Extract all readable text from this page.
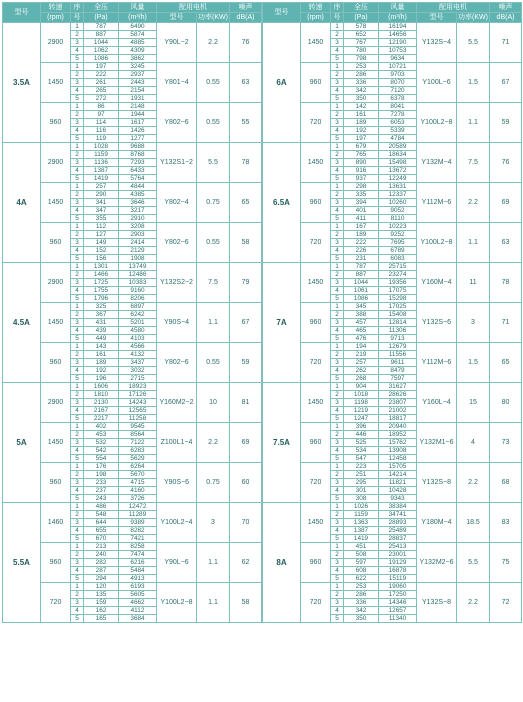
型号	转速	序	全压	风量	配用电机		噪声
	(rpm)	号	(Pa)	(m³/h)	型号	功率(KW)	dB(A)
3.5A	2900	1	787	6490	Y90L−2	2.2	76
		2	887	5874			
		3	1044	4885			
		4	1062	4309			
		5	1086	3862			
	1450	1	197	3245	Y801−4	0.55	63
		2	222	2937			
		3	261	2443			
		4	265	2154			
		5	272	1931			
	960	1	86	2148	Y802−6	0.55	55
		2	97	1944			
		3	114	1617			
		4	116	1426			
		5	119	1277			
4A	2900	1	1028	9688	Y132S1−2	5.5	78
		2	1159	8768			
		3	1136	7293			
		4	1387	6433			
		5	1419	5764			
	1450	1	257	4844	Y802−4	0.75	65
		2	290	4385			
		3	341	3646			
		4	347	3217			
		5	355	2910			
	960	1	112	3208	Y802−6	0.55	58
		2	127	2903			
		3	149	2414			
		4	152	2129			
		5	156	1908			
4.5A	2900	1	1301	13749	Y132S2−2	7.5	79
		2	1466	12486			
		3	1725	10383			
		4	1755	9160			
		5	1796	8206			
	1450	1	325	6897	Y90S−4	1.1	67
		2	367	6242			
		3	431	5201			
		4	439	4580			
		5	449	4103			
	960	1	143	4566	Y802−6	0.55	59
		2	161	4132			
		3	189	3437			
		4	192	3032			
		5	196	2715			
5A	2900	1	1606	18923	Y160M2−2	10	81
		2	1810	17126			
		3	2130	14243			
		4	2167	12565			
		5	2217	11258			
	1450	1	402	9545	Z100L1−4	2.2	69
		2	453	8564			
		3	532	7122			
		4	542	6283			
		5	554	5629			
	960	1	176	6264	Y90S−6	0.75	60
		2	198	5670			
		3	233	4715			
		4	237	4160			
		5	243	3726			
5.5A	1460	1	486	12472	Y100L2−4	3	70
		2	548	11289			
		3	644	9389			
		4	655	8282			
		5	670	7421			
	960	1	213	8258	Y90L−6	1.1	62
		2	240	7474			
		3	282	6216			
		4	287	5484			
		5	294	4913			
	720	1	120	6193	Y100L2−8	1.1	58
		2	135	5605			
		3	159	4662			
		4	162	4112			
		5	165	3684			
型号	转速	序	全压	风量	配用电机		噪声
	(rpm)	号	(Pa)	(m³/h)	型号	功率(KW)	dB(A)
6A	1450	1	578	16194	Y132S−4	5.5	71
		2	652	14656			
		3	767	12190			
		4	780	10753			
		5	798	9634			
	960	1	253	10721	Y100L−6	1.5	67
		2	286	9703			
		3	336	8070			
		4	342	7120			
		5	350	6378			
	720	1	142	8041	Y100L2−8	1.1	59
		2	161	7278			
		3	189	6053			
		4	192	5339			
		5	197	4784			
6.5A	1450	1	679	20589	Y132M−4	7.5	76
		2	765	18634			
		3	890	15498			
		4	916	13672			
		5	937	12249			
	960	1	298	13631	Y112M−6	2.2	69
		2	335	12337			
		3	394	10260			
		4	401	9052			
		5	411	8110			
	720	1	167	10223	Y100L2−8	1.1	63
		2	189	9252			
		3	222	7695			
		4	226	6789			
		5	231	6083			
7A	1450	1	787	25715	Y160M−4	11	78
		2	887	23274			
		3	1044	19356			
		4	1061	17075			
		5	1086	15298			
	960	1	345	17025	Y132S−6	3	71
		2	388	15408			
		3	457	12814			
		4	465	11306			
		5	476	9713			
	720	1	194	12679	Y112M−6	1.5	65
		2	219	11556			
		3	257	9611			
		4	262	8479			
		5	268	7597			
7.5A	1450	1	904	31627	Y160L−4	15	80
		2	1018	28626			
		3	1198	23807			
		4	1219	21002			
		5	1247	18817			
	960	1	396	20940	Y132M1−6	4	73
		2	446	18952			
		3	525	15762			
		4	534	13908			
		5	547	12458			
	720	1	223	15705	Y132S−8	2.2	68
		2	251	14214			
		3	295	11821			
		4	301	10428			
		5	308	9343			
8A	1450	1	1026	38384	Y180M−4	18.5	83
		2	1159	34741			
		3	1363	28893			
		4	1387	25489			
		5	1419	28837			
	960	1	451	25413	Y132M2−6	5.5	75
		2	508	23001			
		3	597	19129			
		4	608	16878			
		5	622	15119			
	720	1	253	19060	Y132S−8	2.2	72
		2	286	17250			
		3	336	14346			
		4	342	12657			
		5	350	11340			
